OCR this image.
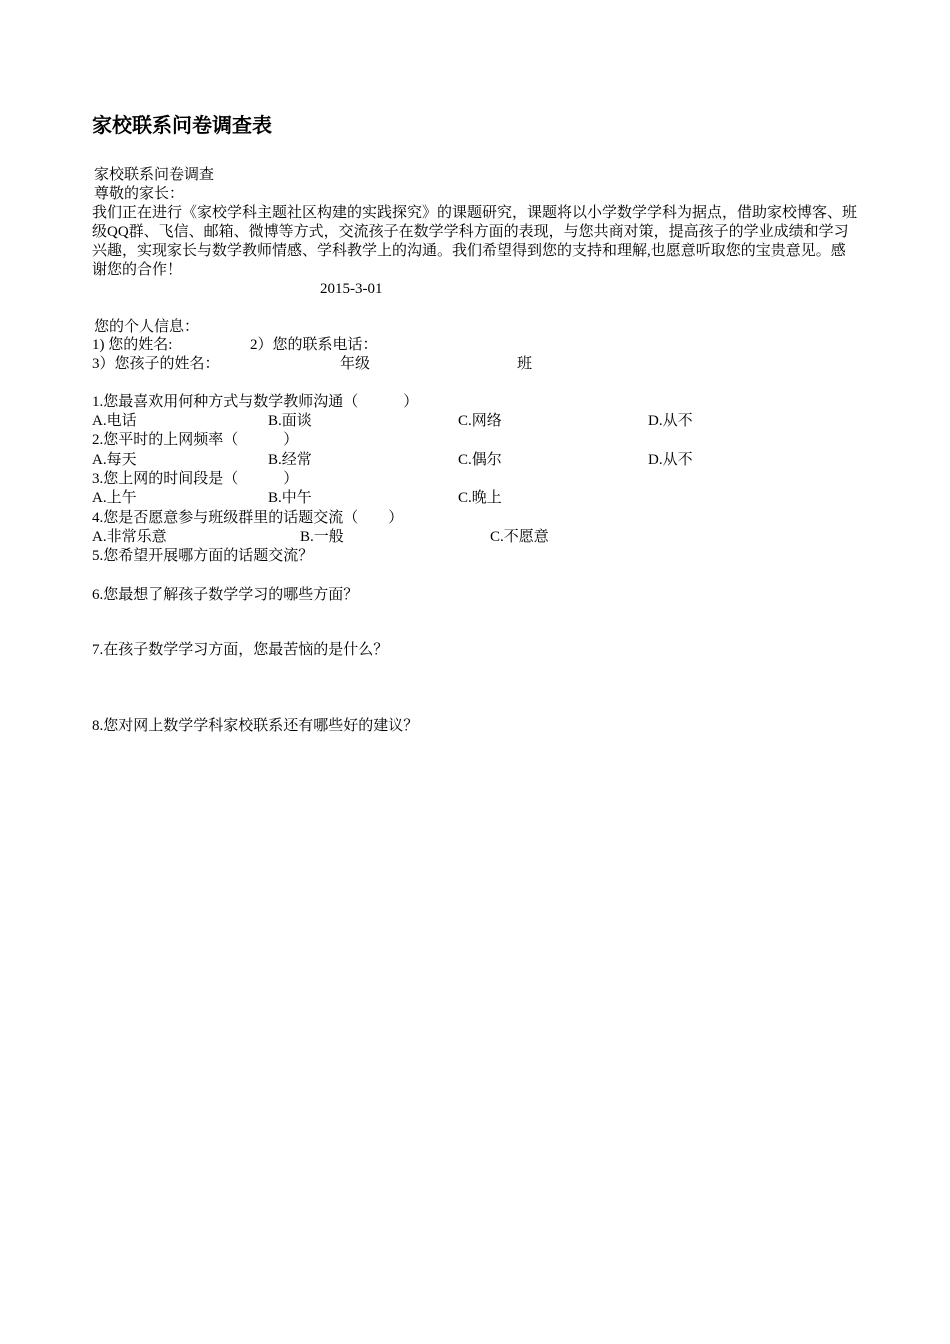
家校联系问卷调查表
家校联系问卷调查
尊敬的家长：

我们正在进行《家校学科主题社区构建的实践探究》的课题研究，课题将以小学数学学科为据点，借助家校博客、班级QQ群、飞信、邮箱、微博等方式，交流孩子在数学学科方面的表现，与您共商对策，提高孩子的学业成绩和学习兴趣，实现家长与数学教师情感、学科教学上的沟通。我们希望得到您的支持和理解,也愿意听取您的宝贵意见。感谢您的合作！

2015-3-01
您的个人信息：
1) 您的姓名:	2）您的联系电话：
3）您孩子的姓名：	年级	班
1.您最喜欢用何种方式与数学教师沟通（　　　）
A.电话	B.面谈	C.网络	D.从不
2.您平时的上网频率（　　　）
A.每天	B.经常	C.偶尔	D.从不
3.您上网的时间段是（　　　）
A.上午	B.中午	C.晚上
4.您是否愿意参与班级群里的话题交流（　　）
A.非常乐意	B.一般	C.不愿意
5.您希望开展哪方面的话题交流？
6.您最想了解孩子数学学习的哪些方面？
7.在孩子数学学习方面，您最苦恼的是什么？
8.您对网上数学学科家校联系还有哪些好的建议？
